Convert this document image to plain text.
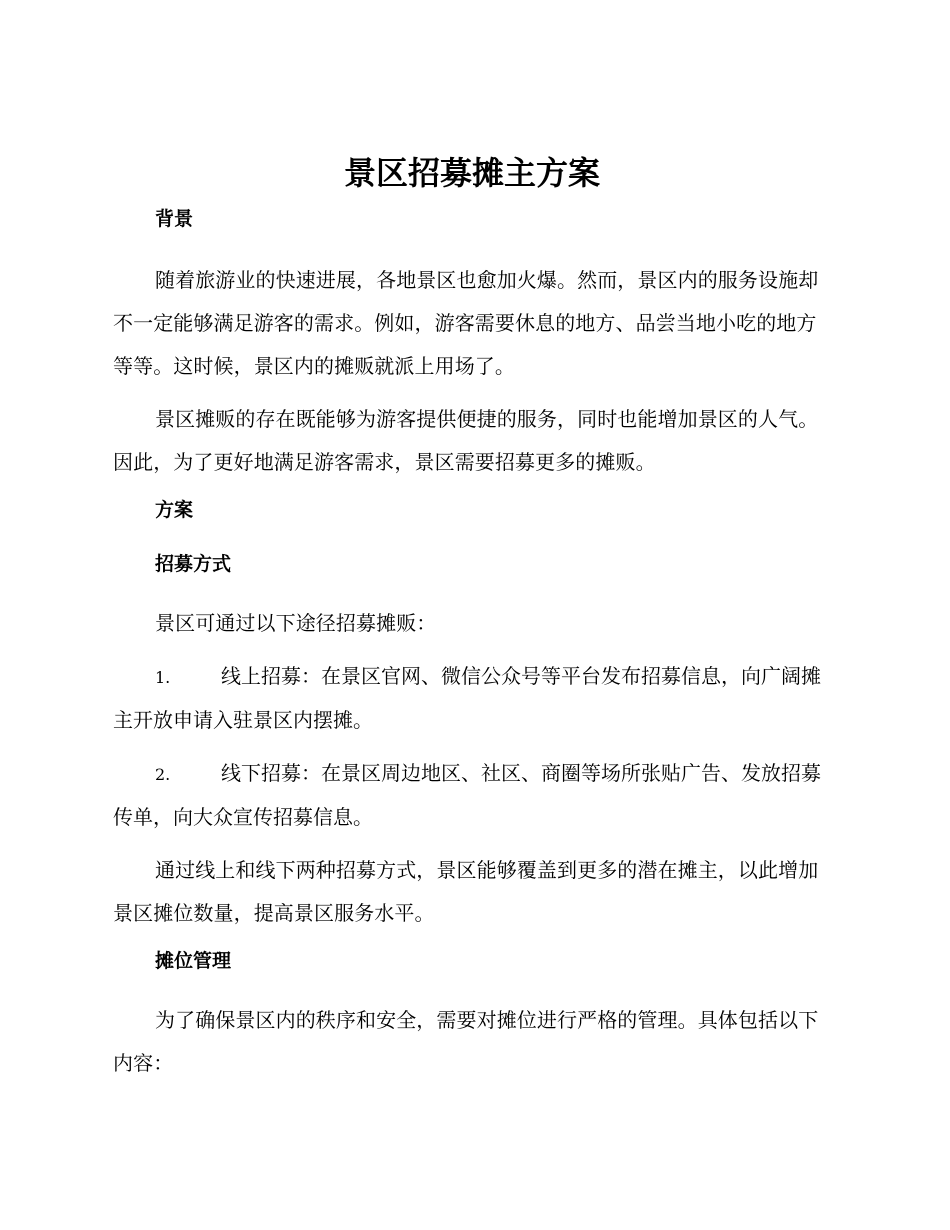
景区招募摊主方案
背景

随着旅游业的快速进展，各地景区也愈加火爆。然而，景区内的服务设施却不一定能够满足游客的需求。例如，游客需要休息的地方、品尝当地小吃的地方等等。这时候，景区内的摊贩就派上用场了。

景区摊贩的存在既能够为游客提供便捷的服务，同时也能增加景区的人气。因此，为了更好地满足游客需求，景区需要招募更多的摊贩。

方案
招募方式

景区可通过以下途径招募摊贩：

1.	线上招募：在景区官网、微信公众号等平台发布招募信息，向广阔摊主开放申请入驻景区内摆摊。

2.	线下招募：在景区周边地区、社区、商圈等场所张贴广告、发放招募传单，向大众宣传招募信息。

通过线上和线下两种招募方式，景区能够覆盖到更多的潜在摊主，以此增加景区摊位数量，提高景区服务水平。

摊位管理

为了确保景区内的秩序和安全，需要对摊位进行严格的管理。具体包括以下内容：
